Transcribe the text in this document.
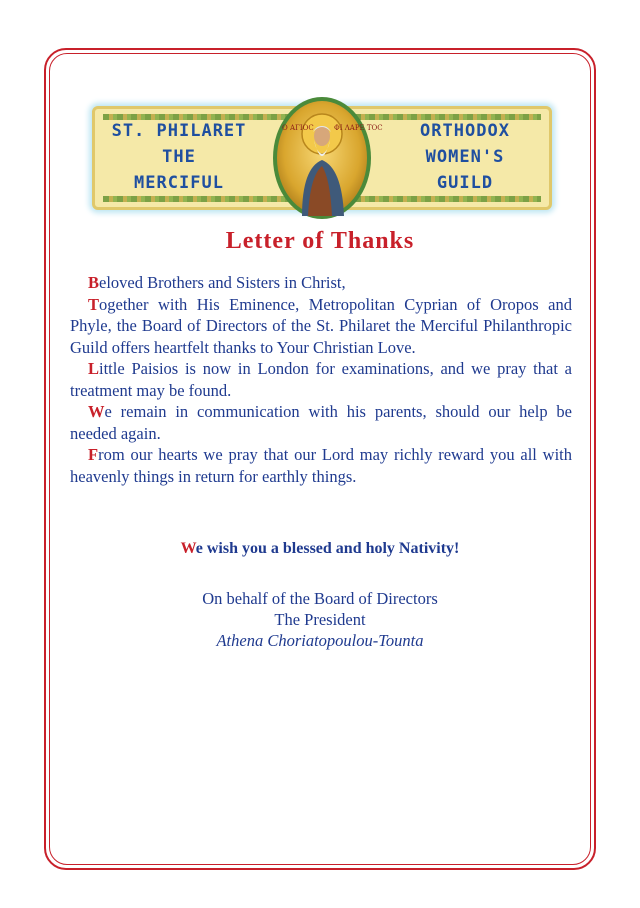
ST. PHILARET
THE
MERCIFUL
ORTHODOX
WOMEN'S
GUILD
Ο ΑΓΙΟC	ΦΙ ΛΑΡΕ ΤΟC
Letter of Thanks

Beloved Brothers and Sisters in Christ,

Together with His Eminence, Metropolitan Cyprian of Oropos and Phyle, the Board of Directors of the St. Philaret the Merciful Philanthropic Guild offers heartfelt thanks to Your Christian Love.

Little Paisios is now in London for examinations, and we pray that a treatment may be found.

We remain in communication with his parents, should our help be needed again.

From our hearts we pray that our Lord may richly reward you all with heavenly things in return for earthly things.

We wish you a blessed and holy Nativity!
On behalf of the Board of Directors
The President
Athena Choriatopoulou-Tounta
